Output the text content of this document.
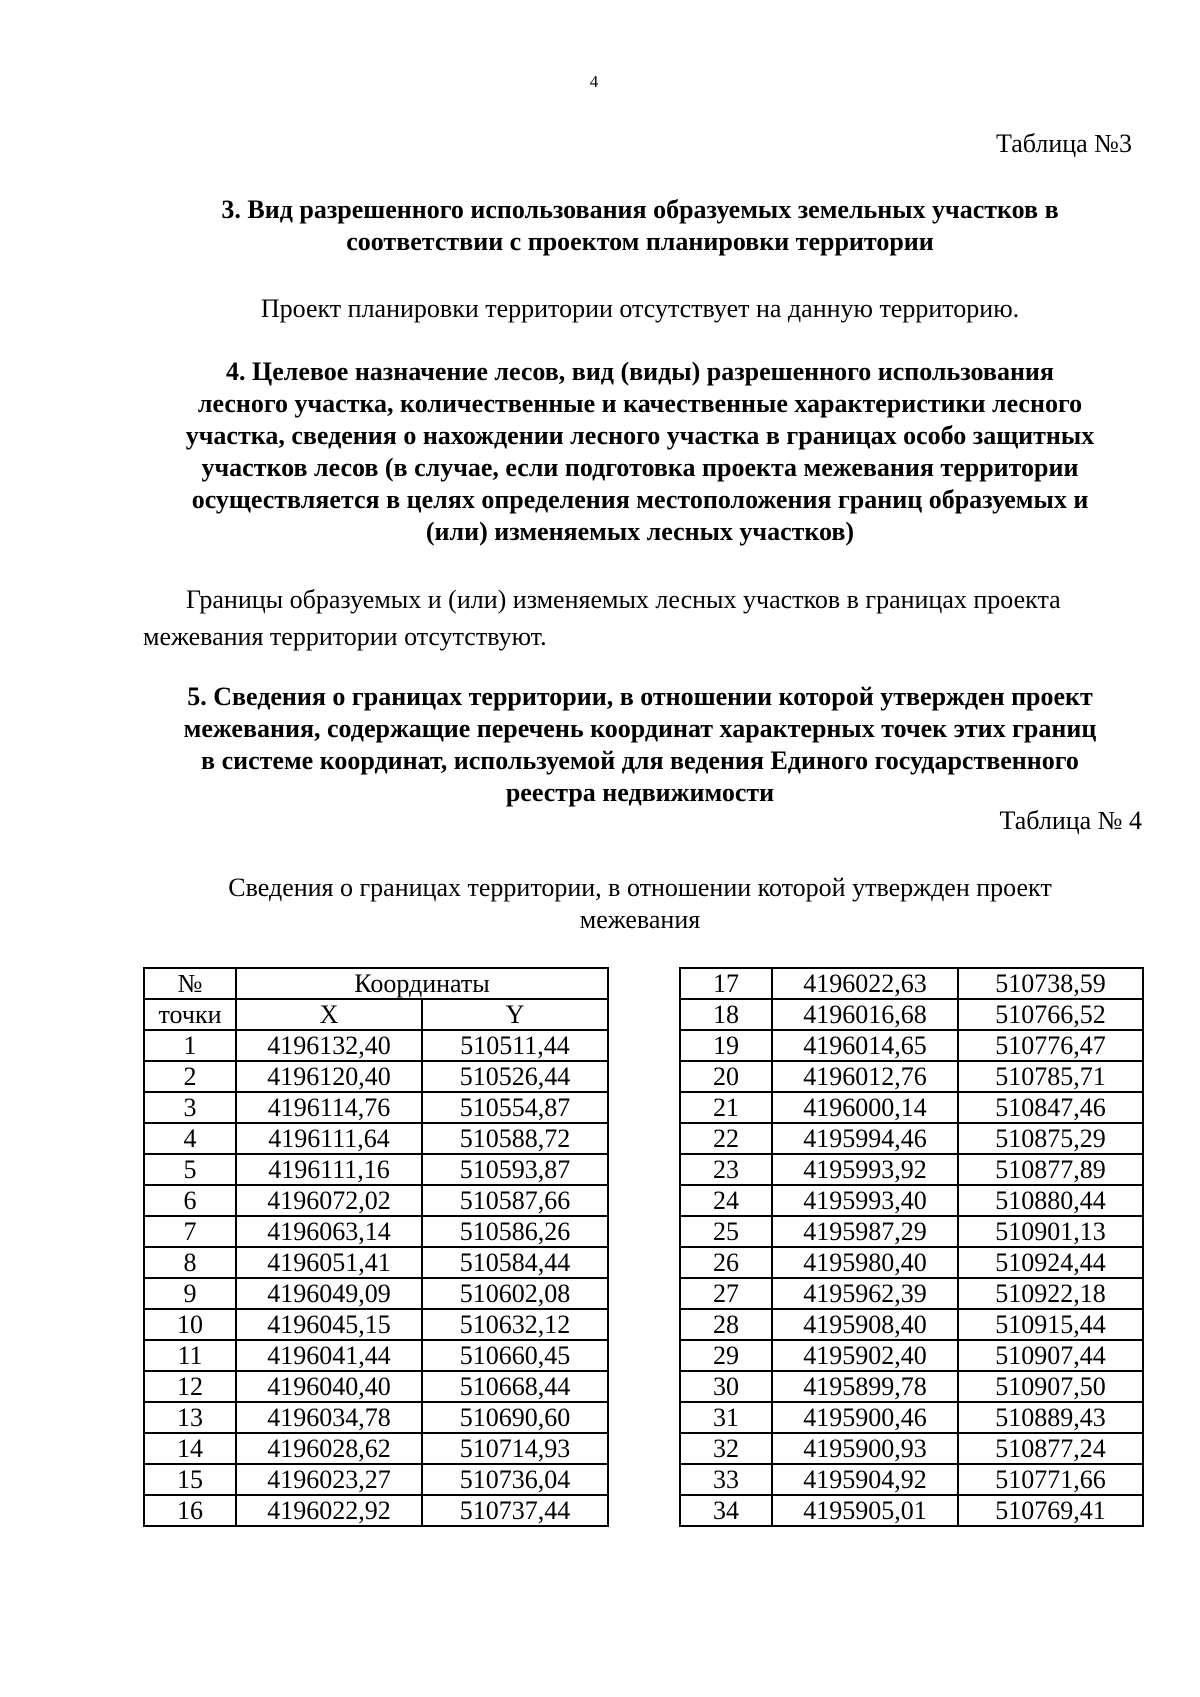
4
Таблица №3
3. Вид разрешенного использования образуемых земельных участков в
соответствии с проектом планировки территории
Проект планировки территории отсутствует на данную территорию.
4. Целевое назначение лесов, вид (виды) разрешенного использования
лесного участка, количественные и качественные характеристики лесного
участка, сведения о нахождении лесного участка в границах особо защитных
участков лесов (в случае, если подготовка проекта межевания территории
осуществляется в целях определения местоположения границ образуемых и
(или) изменяемых лесных участков)
Границы образуемых и (или) изменяемых лесных участков в границах проекта
межевания территории отсутствуют.
5. Сведения о границах территории, в отношении которой утвержден проект
межевания, содержащие перечень координат характерных точек этих границ
в системе координат, используемой для ведения Единого государственного
реестра недвижимости
Таблица № 4
Сведения о границах территории, в отношении которой утвержден проект
межевания
№	Координаты	
точки	X	Y
1	4196132,40	510511,44
2	4196120,40	510526,44
3	4196114,76	510554,87
4	4196111,64	510588,72
5	4196111,16	510593,87
6	4196072,02	510587,66
7	4196063,14	510586,26
8	4196051,41	510584,44
9	4196049,09	510602,08
10	4196045,15	510632,12
11	4196041,44	510660,45
12	4196040,40	510668,44
13	4196034,78	510690,60
14	4196028,62	510714,93
15	4196023,27	510736,04
16	4196022,92	510737,44
17	4196022,63	510738,59
18	4196016,68	510766,52
19	4196014,65	510776,47
20	4196012,76	510785,71
21	4196000,14	510847,46
22	4195994,46	510875,29
23	4195993,92	510877,89
24	4195993,40	510880,44
25	4195987,29	510901,13
26	4195980,40	510924,44
27	4195962,39	510922,18
28	4195908,40	510915,44
29	4195902,40	510907,44
30	4195899,78	510907,50
31	4195900,46	510889,43
32	4195900,93	510877,24
33	4195904,92	510771,66
34	4195905,01	510769,41
